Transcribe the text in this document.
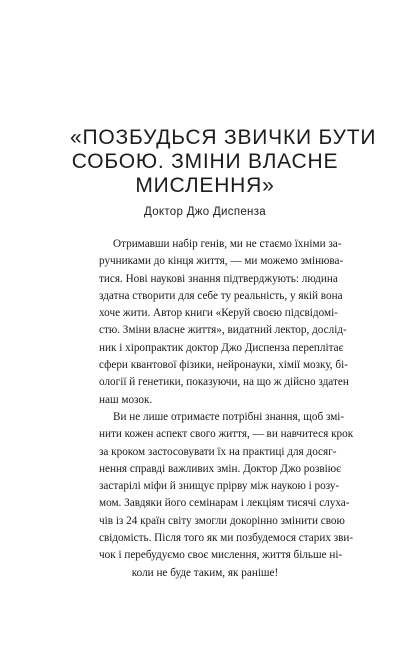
«ПОЗБУДЬСЯ ЗВИЧКИ БУТИ
СОБОЮ. ЗМІНИ ВЛАСНЕ
МИСЛЕННЯ»
Доктор Джо Диспенза

Отримавши набір генів, ми не стаємо їхніми за-
ручниками до кінця життя, — ми можемо змінюва-
тися. Нові наукові знання підтверджують: людина
здатна створити для себе ту реальність, у якій вона
хоче жити. Автор книги «Керуй своєю підсвідомі-
стю. Зміни власне життя», видатний лектор, дослід-
ник і хіропрактик доктор Джо Диспенза переплітає
сфери квантової фізики, нейронауки, хімії мозку, бі-
ології й генетики, показуючи, на що ж дійсно здатен
наш мозок.

Ви не лише отримаєте потрібні знання, щоб змі-
нити кожен аспект свого життя, — ви навчитеся крок
за кроком застосовувати їх на практиці для досяг-
нення справді важливих змін. Доктор Джо розвіює
застарілі міфи й знищує прірву між наукою і розу-
мом. Завдяки його семінарам і лекціям тисячі слуха-
чів із 24 країн світу змогли докорінно змінити свою
свідомість. Після того як ми позбудемося старих зви-
чок і перебудуємо своє мислення, життя більше ні-
коли не буде таким, як раніше!
